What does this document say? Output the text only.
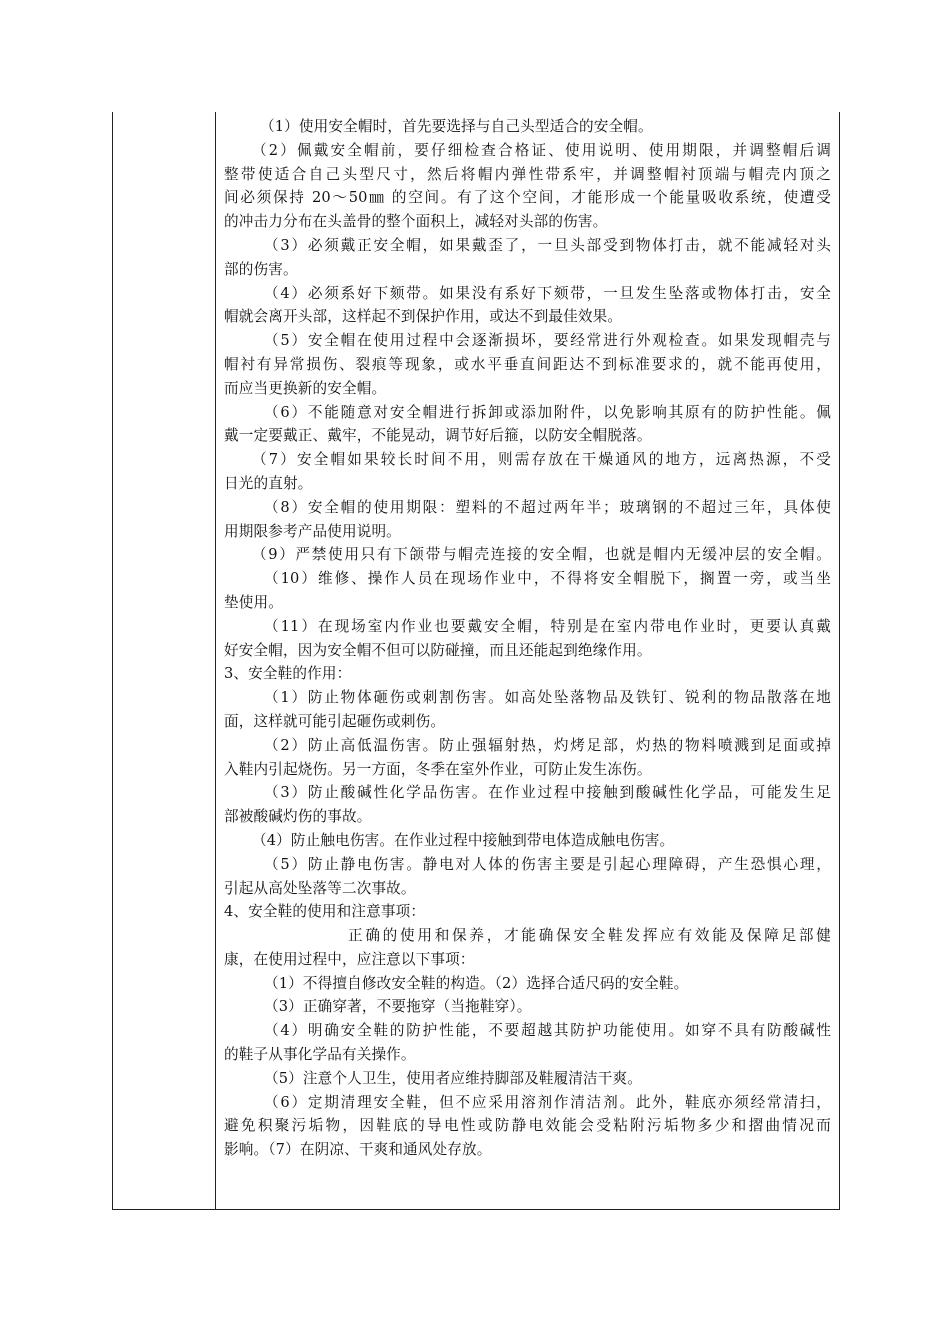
（1）使用安全帽时，首先要选择与自己头型适合的安全帽。
（2）佩戴安全帽前，要仔细检查合格证、使用说明、使用期限，并调整帽后调
整带使适合自己头型尺寸，然后将帽内弹性带系牢，并调整帽衬顶端与帽壳内顶之
间必须保持 20～50㎜ 的空间。有了这个空间，才能形成一个能量吸收系统，使遭受
的冲击力分布在头盖骨的整个面积上，减轻对头部的伤害。
（3）必须戴正安全帽，如果戴歪了，一旦头部受到物体打击，就不能减轻对头
部的伤害。
（4）必须系好下颏带。如果没有系好下颏带，一旦发生坠落或物体打击，安全
帽就会离开头部，这样起不到保护作用，或达不到最佳效果。
（5）安全帽在使用过程中会逐渐损坏，要经常进行外观检查。如果发现帽壳与
帽衬有异常损伤、裂痕等现象，或水平垂直间距达不到标准要求的，就不能再使用，
而应当更换新的安全帽。
（6）不能随意对安全帽进行拆卸或添加附件，以免影响其原有的防护性能。佩
戴一定要戴正、戴牢，不能晃动，调节好后箍，以防安全帽脱落。
（7）安全帽如果较长时间不用，则需存放在干燥通风的地方，远离热源，不受
日光的直射。
（8）安全帽的使用期限：塑料的不超过两年半；玻璃钢的不超过三年，具体使
用期限参考产品使用说明。
（9）严禁使用只有下颌带与帽壳连接的安全帽，也就是帽内无缓冲层的安全帽。
（10）维修、操作人员在现场作业中，不得将安全帽脱下，搁置一旁，或当坐
垫使用。
（11）在现场室内作业也要戴安全帽，特别是在室内带电作业时，更要认真戴
好安全帽，因为安全帽不但可以防碰撞，而且还能起到绝缘作用。
3、安全鞋的作用：
（1）防止物体砸伤或刺割伤害。如高处坠落物品及铁钉、锐利的物品散落在地
面，这样就可能引起砸伤或刺伤。
（2）防止高低温伤害。防止强辐射热，灼烤足部，灼热的物料喷溅到足面或掉
入鞋内引起烧伤。另一方面，冬季在室外作业，可防止发生冻伤。
（3）防止酸碱性化学品伤害。在作业过程中接触到酸碱性化学品，可能发生足
部被酸碱灼伤的事故。
（4）防止触电伤害。在作业过程中接触到带电体造成触电伤害。
（5）防止静电伤害。静电对人体的伤害主要是引起心理障碍，产生恐惧心理，
引起从高处坠落等二次事故。
4、安全鞋的使用和注意事项：
正确的使用和保养，才能确保安全鞋发挥应有效能及保障足部健
康，在使用过程中，应注意以下事项：
（1）不得擅自修改安全鞋的构造。（2）选择合适尺码的安全鞋。
（3）正确穿著，不要拖穿（当拖鞋穿）。
（4）明确安全鞋的防护性能，不要超越其防护功能使用。如穿不具有防酸碱性
的鞋子从事化学品有关操作。
（5）注意个人卫生，使用者应维持脚部及鞋履清洁干爽。
（6）定期清理安全鞋，但不应采用溶剂作清洁剂。此外，鞋底亦须经常清扫，
避免积聚污垢物，因鞋底的导电性或防静电效能会受粘附污垢物多少和摺曲情况而
影响。（7）在阴凉、干爽和通风处存放。
